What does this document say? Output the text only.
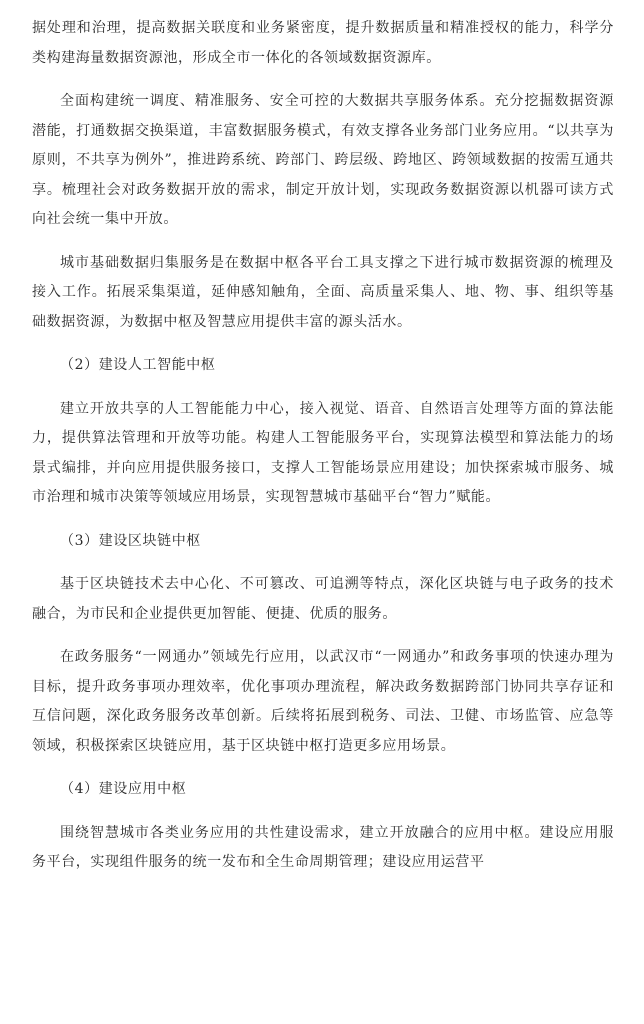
据处理和治理，提高数据关联度和业务紧密度，提升数据质量和精准授权的能力，科学分类构建海量数据资源池，形成全市一体化的各领域数据资源库。

全面构建统一调度、精准服务、安全可控的大数据共享服务体系。充分挖掘数据资源潜能，打通数据交换渠道，丰富数据服务模式，有效支撑各业务部门业务应用。“以共享为原则，不共享为例外”，推进跨系统、跨部门、跨层级、跨地区、跨领域数据的按需互通共享。梳理社会对政务数据开放的需求，制定开放计划，实现政务数据资源以机器可读方式向社会统一集中开放。

城市基础数据归集服务是在数据中枢各平台工具支撑之下进行城市数据资源的梳理及接入工作。拓展采集渠道，延伸感知触角，全面、高质量采集人、地、物、事、组织等基础数据资源，为数据中枢及智慧应用提供丰富的源头活水。

（2）建设人工智能中枢

建立开放共享的人工智能能力中心，接入视觉、语音、自然语言处理等方面的算法能力，提供算法管理和开放等功能。构建人工智能服务平台，实现算法模型和算法能力的场景式编排，并向应用提供服务接口，支撑人工智能场景应用建设；加快探索城市服务、城市治理和城市决策等领域应用场景，实现智慧城市基础平台“智力”赋能。

（3）建设区块链中枢

基于区块链技术去中心化、不可篡改、可追溯等特点，深化区块链与电子政务的技术融合，为市民和企业提供更加智能、便捷、优质的服务。

在政务服务“一网通办”领域先行应用，以武汉市“一网通办”和政务事项的快速办理为目标，提升政务事项办理效率，优化事项办理流程，解决政务数据跨部门协同共享存证和互信问题，深化政务服务改革创新。后续将拓展到税务、司法、卫健、市场监管、应急等领域，积极探索区块链应用，基于区块链中枢打造更多应用场景。

（4）建设应用中枢

围绕智慧城市各类业务应用的共性建设需求，建立开放融合的应用中枢。建设应用服务平台，实现组件服务的统一发布和全生命周期管理；建设应用运营平
